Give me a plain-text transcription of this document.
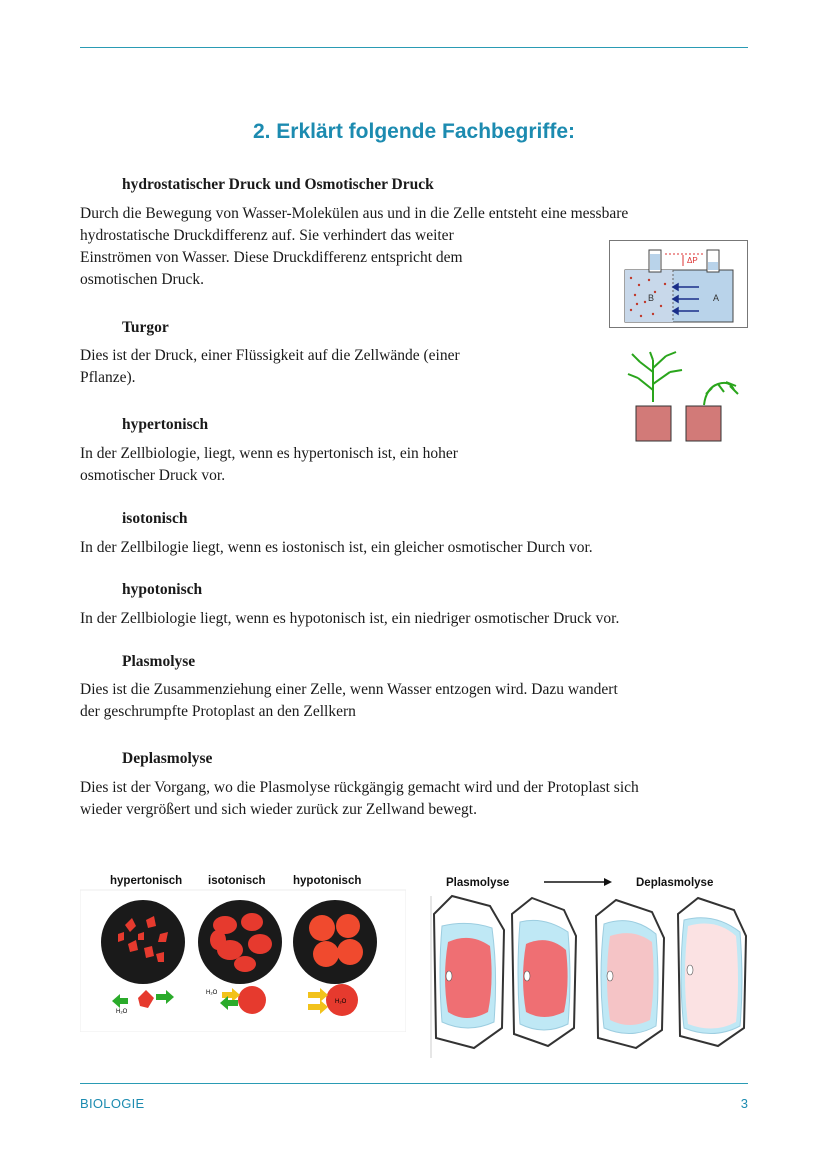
2. Erklärt folgende Fachbegriffe:

hydrostatischer Druck und Osmotischer Druck

Durch die Bewegung von Wasser-Molekülen aus und in die Zelle entsteht eine messbare

hydrostatische Druckdifferenz auf. Sie verhindert das weiter

Einströmen von Wasser. Diese Druckdifferenz entspricht dem

osmotischen Druck.

Turgor

Dies ist der Druck, einer Flüssigkeit auf die Zellwände (einer

Pflanze).

hypertonisch

In der Zellbiologie, liegt, wenn es hypertonisch ist, ein hoher

osmotischer Druck vor.

isotonisch

In der Zellbilogie liegt, wenn es iostonisch ist, ein gleicher osmotischer Durch vor.

hypotonisch

In der Zellbiologie liegt, wenn es hypotonisch ist, ein niedriger osmotischer Druck vor.

Plasmolyse

Dies ist die Zusammenziehung einer Zelle, wenn Wasser entzogen wird. Dazu wandert

der geschrumpfte Protoplast an den Zellkern

Deplasmolyse

Dies ist der Vorgang, wo die Plasmolyse rückgängig gemacht wird und der Protoplast sich

wieder vergrößert und sich wieder zurück zur Zellwand bewegt.

ΔP
B	A
hypertonisch isotonisch hypotonisch
H₂O
H₂O
H₂O
Plasmolyse	Deplasmolyse
BIOLOGIE	3
